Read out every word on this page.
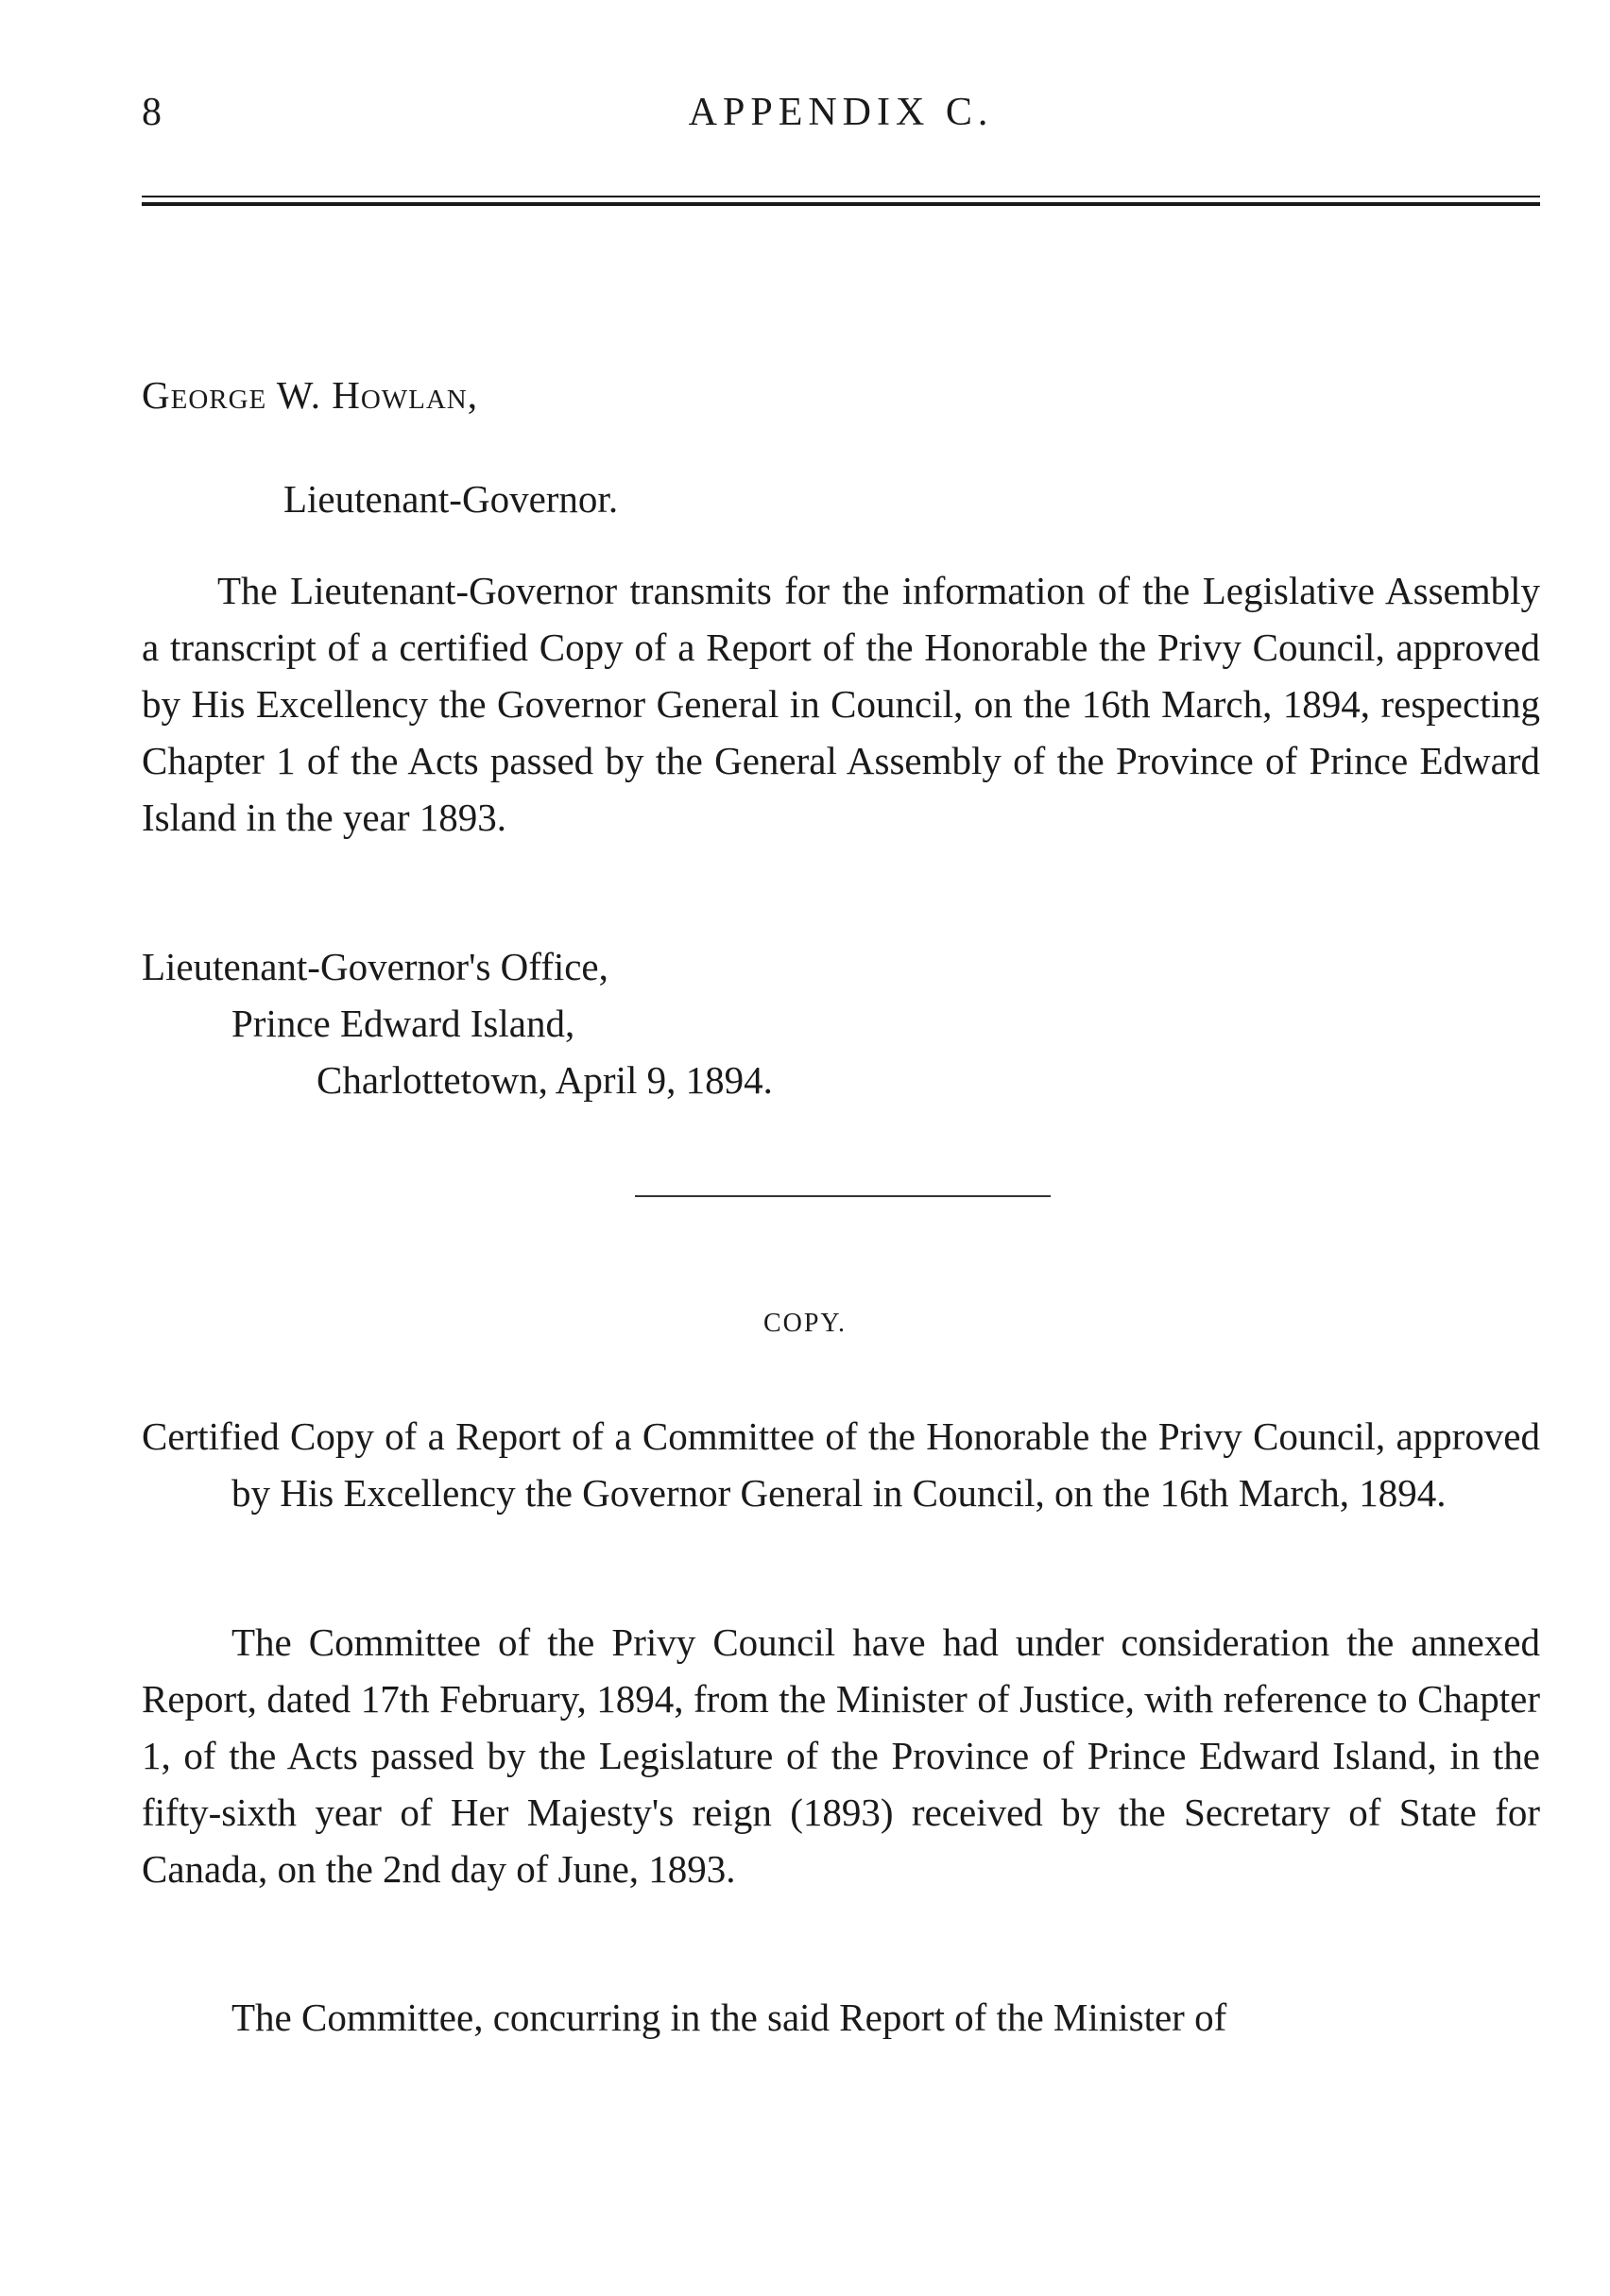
8	APPENDIX C.
George W. Howlan,
Lieutenant-Governor.

The Lieutenant-Governor transmits for the information of the Legislative Assembly a transcript of a certified Copy of a Report of the Honorable the Privy Council, approved by His Excellency the Governor General in Council, on the 16th March, 1894, respecting Chapter 1 of the Acts passed by the General Assembly of the Province of Prince Edward Island in the year 1893.

Lieutenant-Governor's Office,
Prince Edward Island,
Charlottetown, April 9, 1894.
COPY.

Certified Copy of a Report of a Committee of the Honorable the Privy Council, approved by His Excellency the Governor General in Council, on the 16th March, 1894.

The Committee of the Privy Council have had under consideration the annexed Report, dated 17th February, 1894, from the Minister of Justice, with reference to Chapter 1, of the Acts passed by the Legislature of the Province of Prince Edward Island, in the fifty-sixth year of Her Majesty's reign (1893) received by the Secretary of State for Canada, on the 2nd day of June, 1893.

The Committee, concurring in the said Report of the Minister of
